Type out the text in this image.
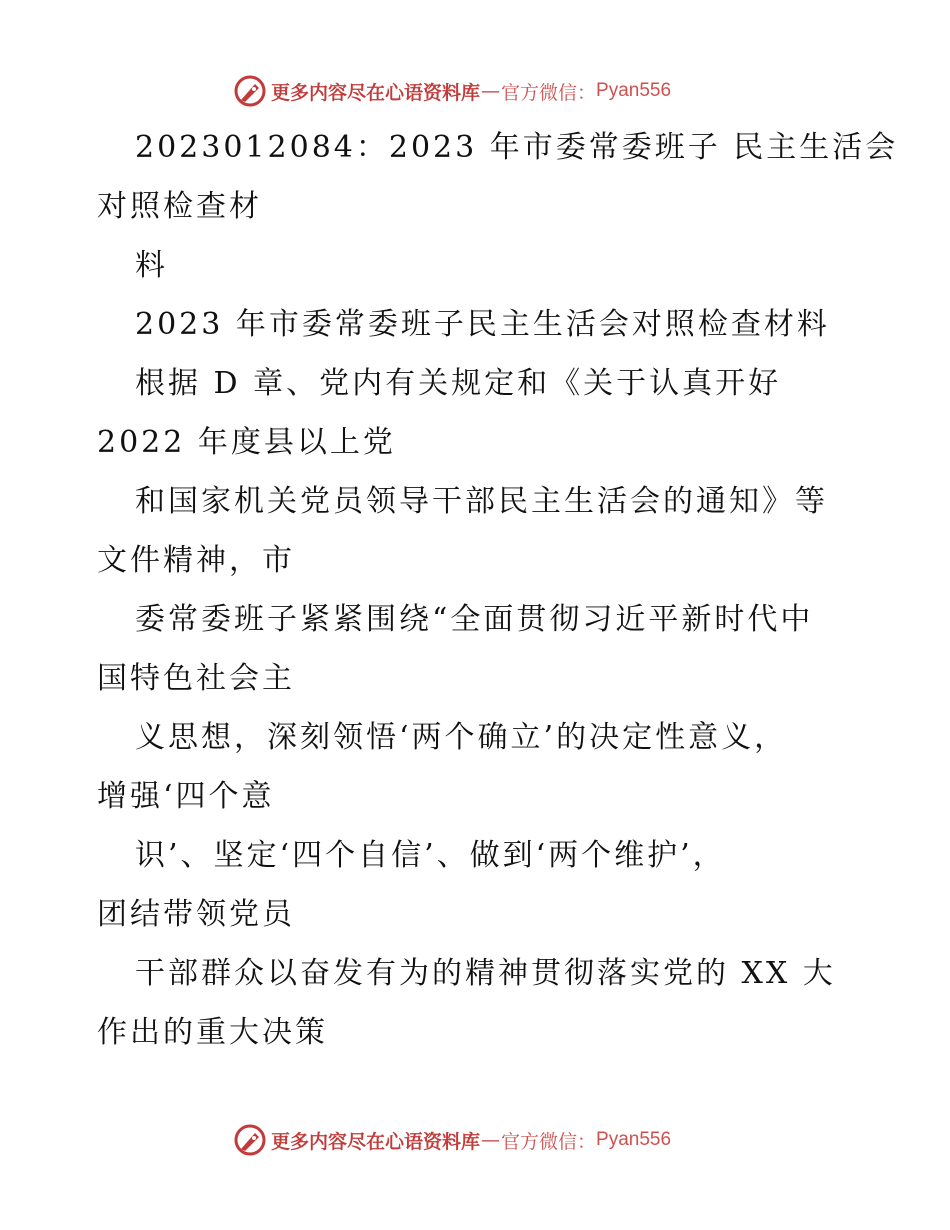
更多内容尽在心语资料库 — 官方微信： Pyan556
2023012084：2023 年市委常委班子 民主生活会
对照检查材
料
2023 年市委常委班子民主生活会对照检查材料
根据 D 章、党内有关规定和《关于认真开好
2022 年度县以上党
和国家机关党员领导干部民主生活会的通知》等
文件精神，市
委常委班子紧紧围绕“全面贯彻习近平新时代中
国特色社会主
义思想，深刻领悟‘两个确立’的决定性意义，
增强‘四个意
识’、坚定‘四个自信’、做到‘两个维护’，
团结带领党员
干部群众以奋发有为的精神贯彻落实党的 XX 大
作出的重大决策
更多内容尽在心语资料库 — 官方微信： Pyan556
